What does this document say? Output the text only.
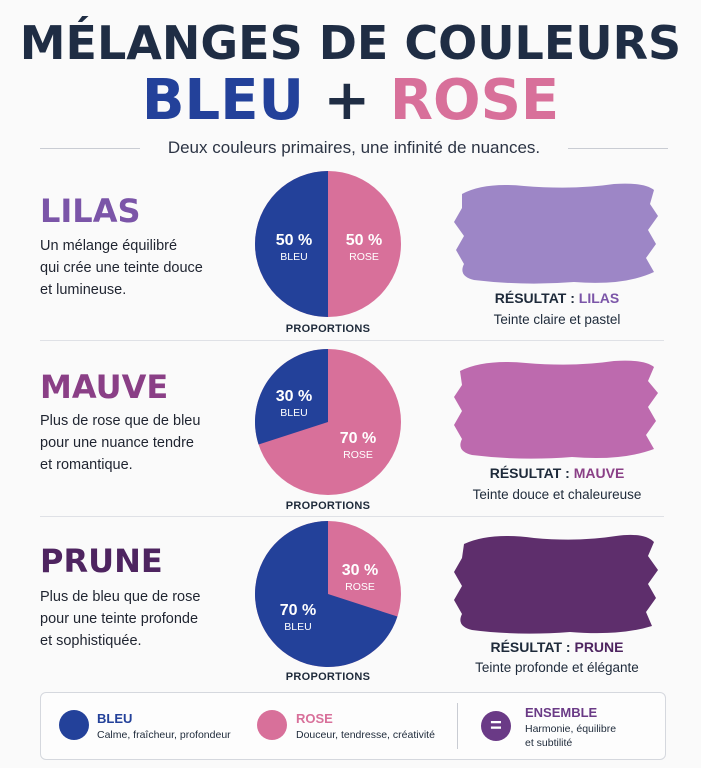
MÉLANGES DE COULEURS
BLEU + ROSE
Deux couleurs primaires, une infinité de nuances.
LILAS
Un mélange équilibré
qui crée une teinte douce
et lumineuse.
50 %
BLEU
50 %
ROSE
PROPORTIONS
RÉSULTAT : LILAS
Teinte claire et pastel
MAUVE
Plus de rose que de bleu
pour une nuance tendre
et romantique.
30 %
BLEU
70 %
ROSE
PROPORTIONS
RÉSULTAT : MAUVE
Teinte douce et chaleureuse
PRUNE
Plus de bleu que de rose
pour une teinte profonde
et sophistiquée.
70 %
BLEU
30 %
ROSE
PROPORTIONS
RÉSULTAT : PRUNE
Teinte profonde et élégante
BLEU
Calme, fraîcheur, profondeur
ROSE
Douceur, tendresse, créativité	=
ENSEMBLE
Harmonie, équilibre
et subtilité
